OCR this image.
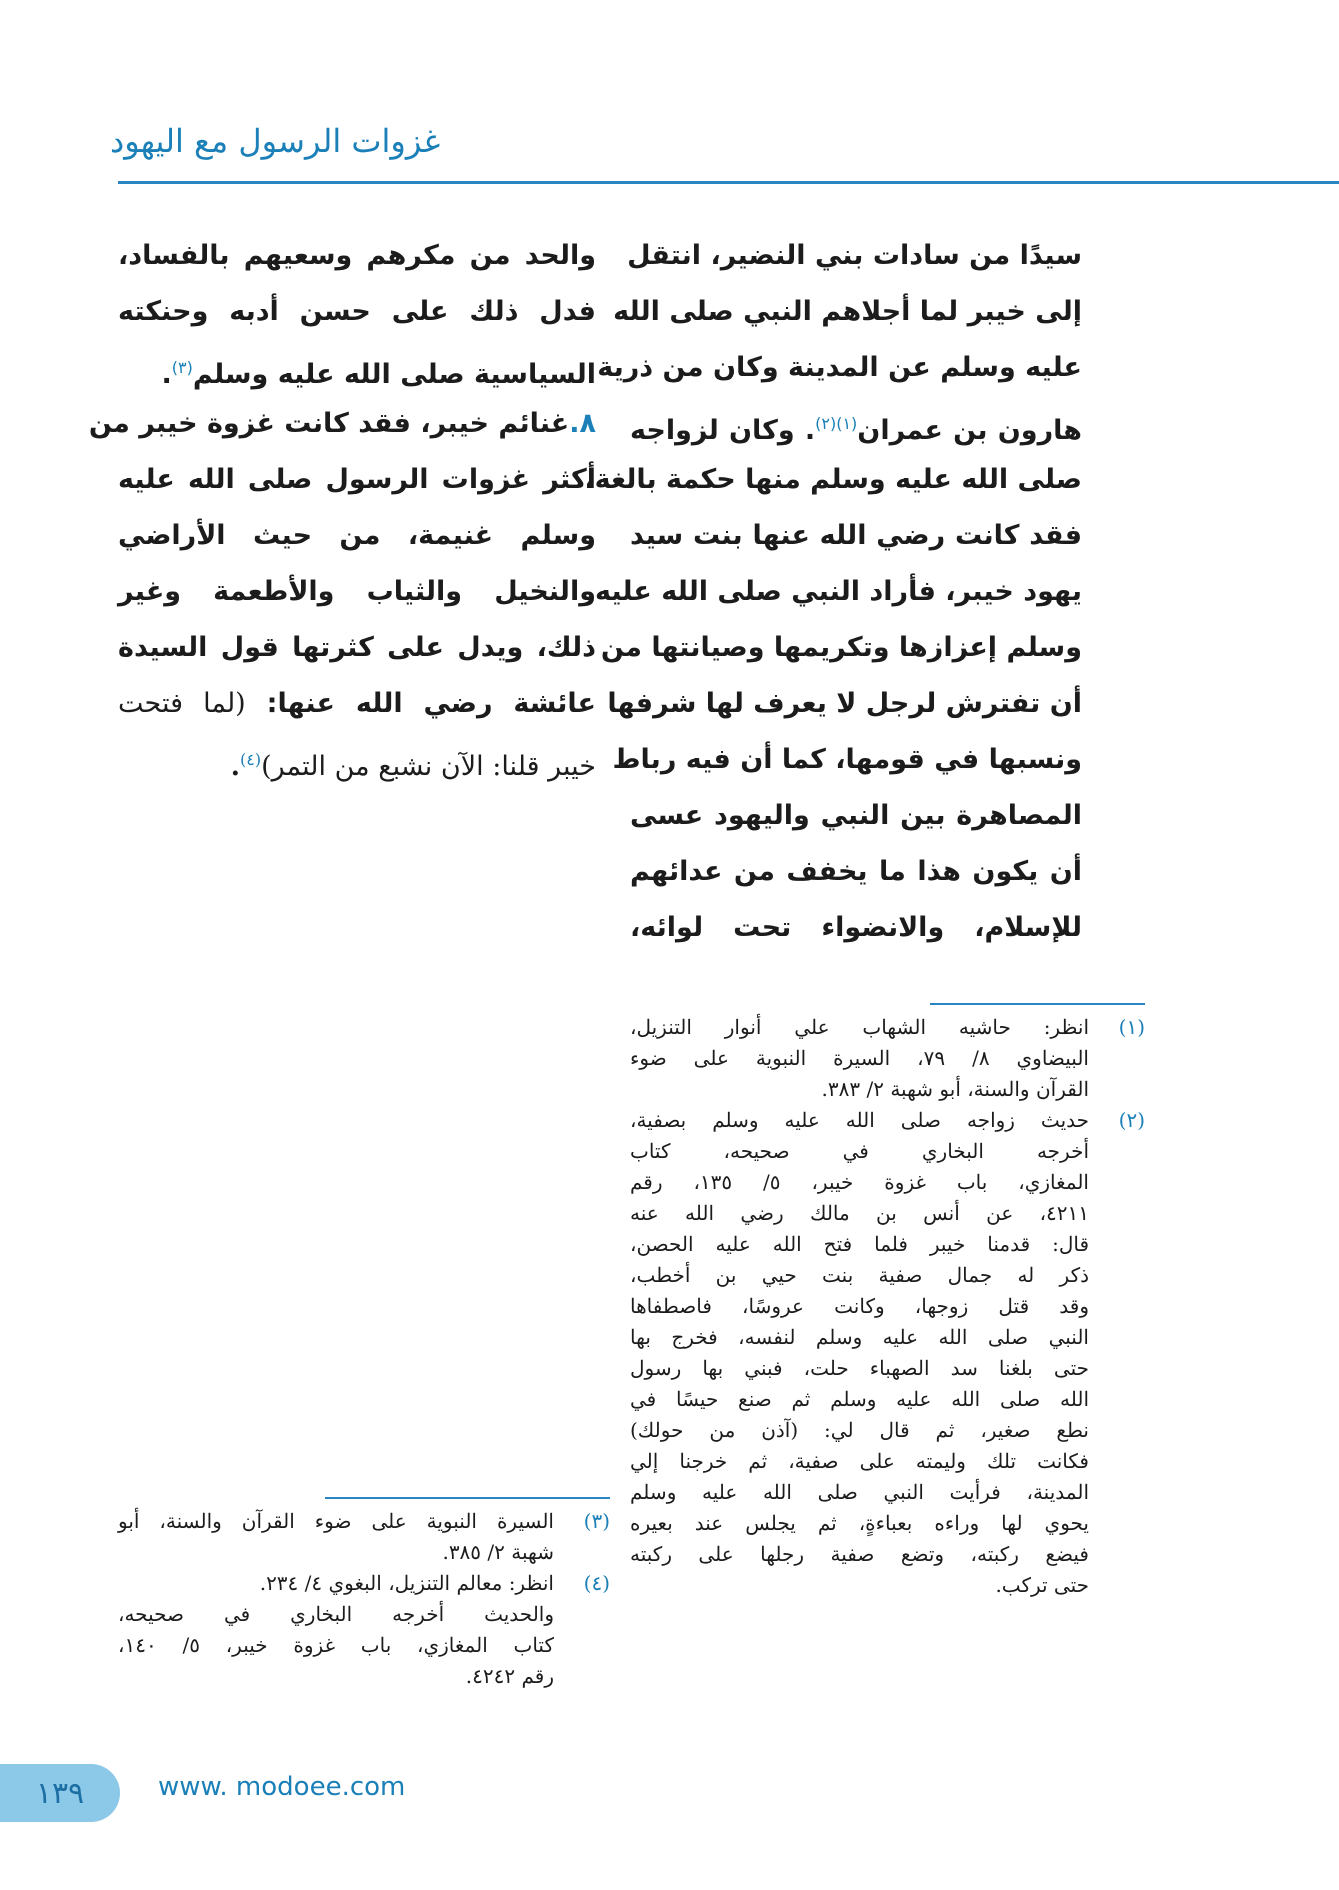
غزوات الرسول مع اليهود
سيدًا من سادات بني النضير، انتقل
إلى خيبر لما أجلاهم النبي صلى الله
عليه وسلم عن المدينة وكان من ذرية
هارون بن عمران$^{(١)(٢)}$. وكان لزواجه
صلى الله عليه وسلم منها حكمة بالغة،
فقد كانت رضي الله عنها بنت سيد
يهود خيبر، فأراد النبي صلى الله عليه
وسلم إعزازها وتكريمها وصيانتها من
أن تفترش لرجل لا يعرف لها شرفها
ونسبها في قومها، كما أن فيه رباط
المصاهرة بين النبي واليهود عسى
أن يكون هذا ما يخفف من عدائهم
للإسلام، والانضواء تحت لوائه،
والحد من مكرهم وسعيهم بالفساد،
فدل ذلك على حسن أدبه وحنكته
السياسية صلى الله عليه وسلم$^{(٣)}$.
٨.غنائم خيبر، فقد كانت غزوة خيبر من
أكثر غزوات الرسول صلى الله عليه
وسلم غنيمة، من حيث الأراضي
والنخيل والثياب والأطعمة وغير
ذلك، ويدل على كثرتها قول السيدة
عائشة رضي الله عنها: (لما فتحت
خيبر قلنا: الآن نشبع من التمر)$^{(٤)}$.
(١)
انظر: حاشيه الشهاب علي أنوار التنزيل،
البيضاوي ٨/ ٧٩، السيرة النبوية على ضوء
القرآن والسنة، أبو شهبة ٢/ ٣٨٣.
(٢)
حديث زواجه صلى الله عليه وسلم بصفية،
أخرجه البخاري في صحيحه، كتاب
المغازي، باب غزوة خيبر، ٥/ ١٣٥، رقم
٤٢١١، عن أنس بن مالك رضي الله عنه
قال: قدمنا خيبر فلما فتح الله عليه الحصن،
ذكر له جمال صفية بنت حيي بن أخطب،
وقد قتل زوجها، وكانت عروسًا، فاصطفاها
النبي صلى الله عليه وسلم لنفسه، فخرج بها
حتى بلغنا سد الصهباء حلت، فبني بها رسول
الله صلى الله عليه وسلم ثم صنع حيسًا في
نطع صغير، ثم قال لي: (آذن من حولك)
فكانت تلك وليمته على صفية، ثم خرجنا إلي
المدينة، فرأيت النبي صلى الله عليه وسلم
يحوي لها وراءه بعباءةٍ، ثم يجلس عند بعيره
فيضع ركبته، وتضع صفية رجلها على ركبته
حتى تركب.
(٣)
السيرة النبوية على ضوء القرآن والسنة، أبو
شهبة ٢/ ٣٨٥.
(٤)
انظر: معالم التنزيل، البغوي ٤/ ٢٣٤.
والحديث أخرجه البخاري في صحيحه،
كتاب المغازي، باب غزوة خيبر، ٥/ ١٤٠،
رقم ٤٢٤٢.
١٣٩	www. modoee.com
